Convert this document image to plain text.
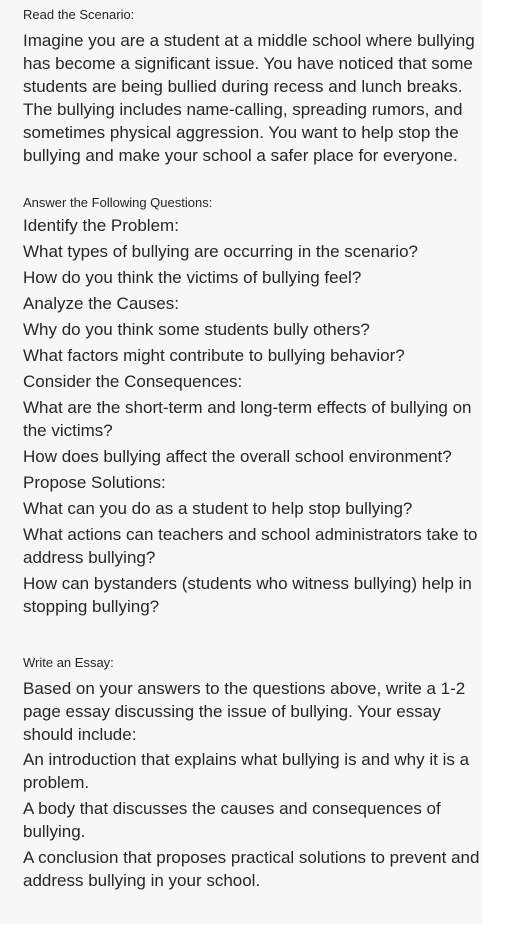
Read the Scenario:

Imagine you are a student at a middle school where bullying has become a significant issue. You have noticed that some students are being bullied during recess and lunch breaks. The bullying includes name-calling, spreading rumors, and sometimes physical aggression. You want to help stop the bullying and make your school a safer place for everyone.

Answer the Following Questions:

Identify the Problem:

What types of bullying are occurring in the scenario?

How do you think the victims of bullying feel?

Analyze the Causes:

Why do you think some students bully others?

What factors might contribute to bullying behavior?

Consider the Consequences:

What are the short-term and long-term effects of bullying on the victims?

How does bullying affect the overall school environment?

Propose Solutions:

What can you do as a student to help stop bullying?

What actions can teachers and school administrators take to address bullying?

How can bystanders (students who witness bullying) help in stopping bullying?

Write an Essay:

Based on your answers to the questions above, write a 1-2 page essay discussing the issue of bullying. Your essay should include:

An introduction that explains what bullying is and why it is a problem.

A body that discusses the causes and consequences of bullying.

A conclusion that proposes practical solutions to prevent and address bullying in your school.
